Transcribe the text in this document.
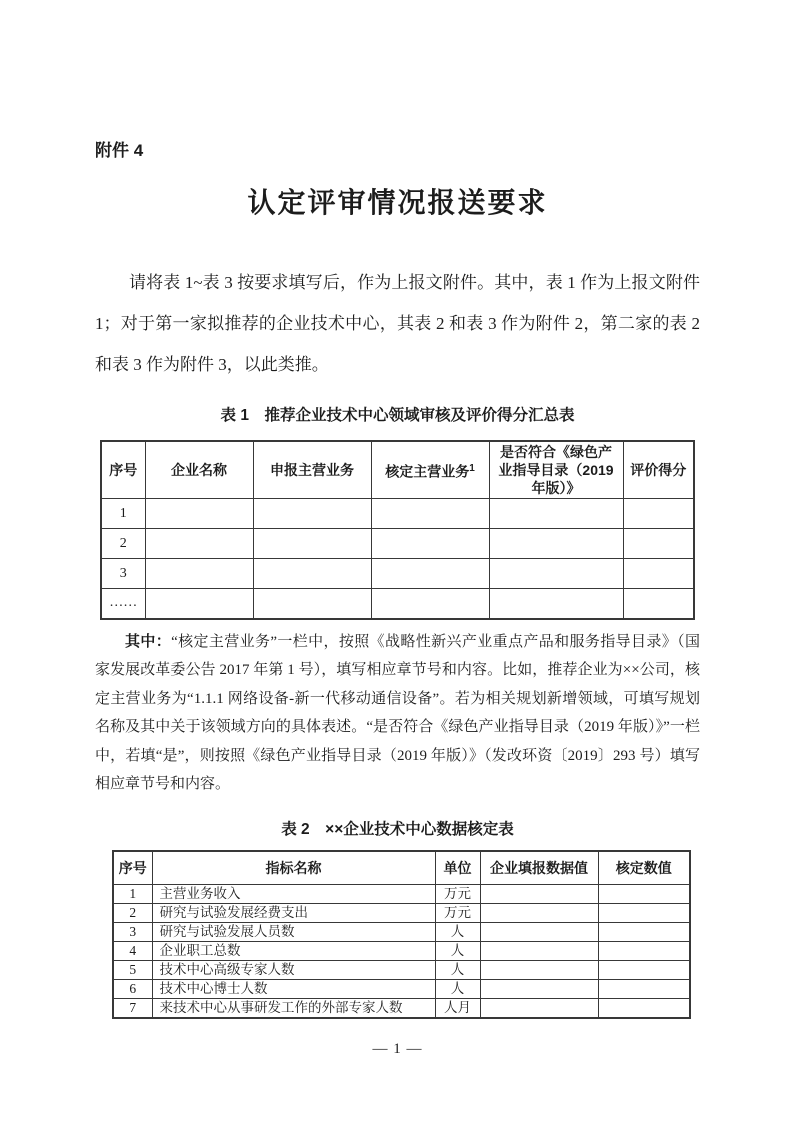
附件 4
认定评审情况报送要求

请将表 1~表 3 按要求填写后，作为上报文附件。其中，表 1 作为上报文附件 1；对于第一家拟推荐的企业技术中心，其表 2 和表 3 作为附件 2，第二家的表 2 和表 3 作为附件 3，以此类推。

表 1　推荐企业技术中心领域审核及评价得分汇总表
序号	企业名称	申报主营业务	核定主营业务$^1$	是否符合《绿色产业指导目录（2019 年版）》	评价得分
1					
2					
3					
……					

其中：“核定主营业务”一栏中，按照《战略性新兴产业重点产品和服务指导目录》（国家发展改革委公告 2017 年第 1 号），填写相应章节号和内容。比如，推荐企业为××公司，核定主营业务为“1.1.1 网络设备-新一代移动通信设备”。若为相关规划新增领域，可填写规划名称及其中关于该领域方向的具体表述。“是否符合《绿色产业指导目录（2019 年版）》”一栏中，若填“是”，则按照《绿色产业指导目录（2019 年版）》（发改环资〔2019〕293 号）填写相应章节号和内容。

表 2　××企业技术中心数据核定表
序号	指标名称	单位	企业填报数据值	核定数值
1	主营业务收入	万元		
2	研究与试验发展经费支出	万元		
3	研究与试验发展人员数	人		
4	企业职工总数	人		
5	技术中心高级专家人数	人		
6	技术中心博士人数	人		
7	来技术中心从事研发工作的外部专家人数	人月		
— 1 —
